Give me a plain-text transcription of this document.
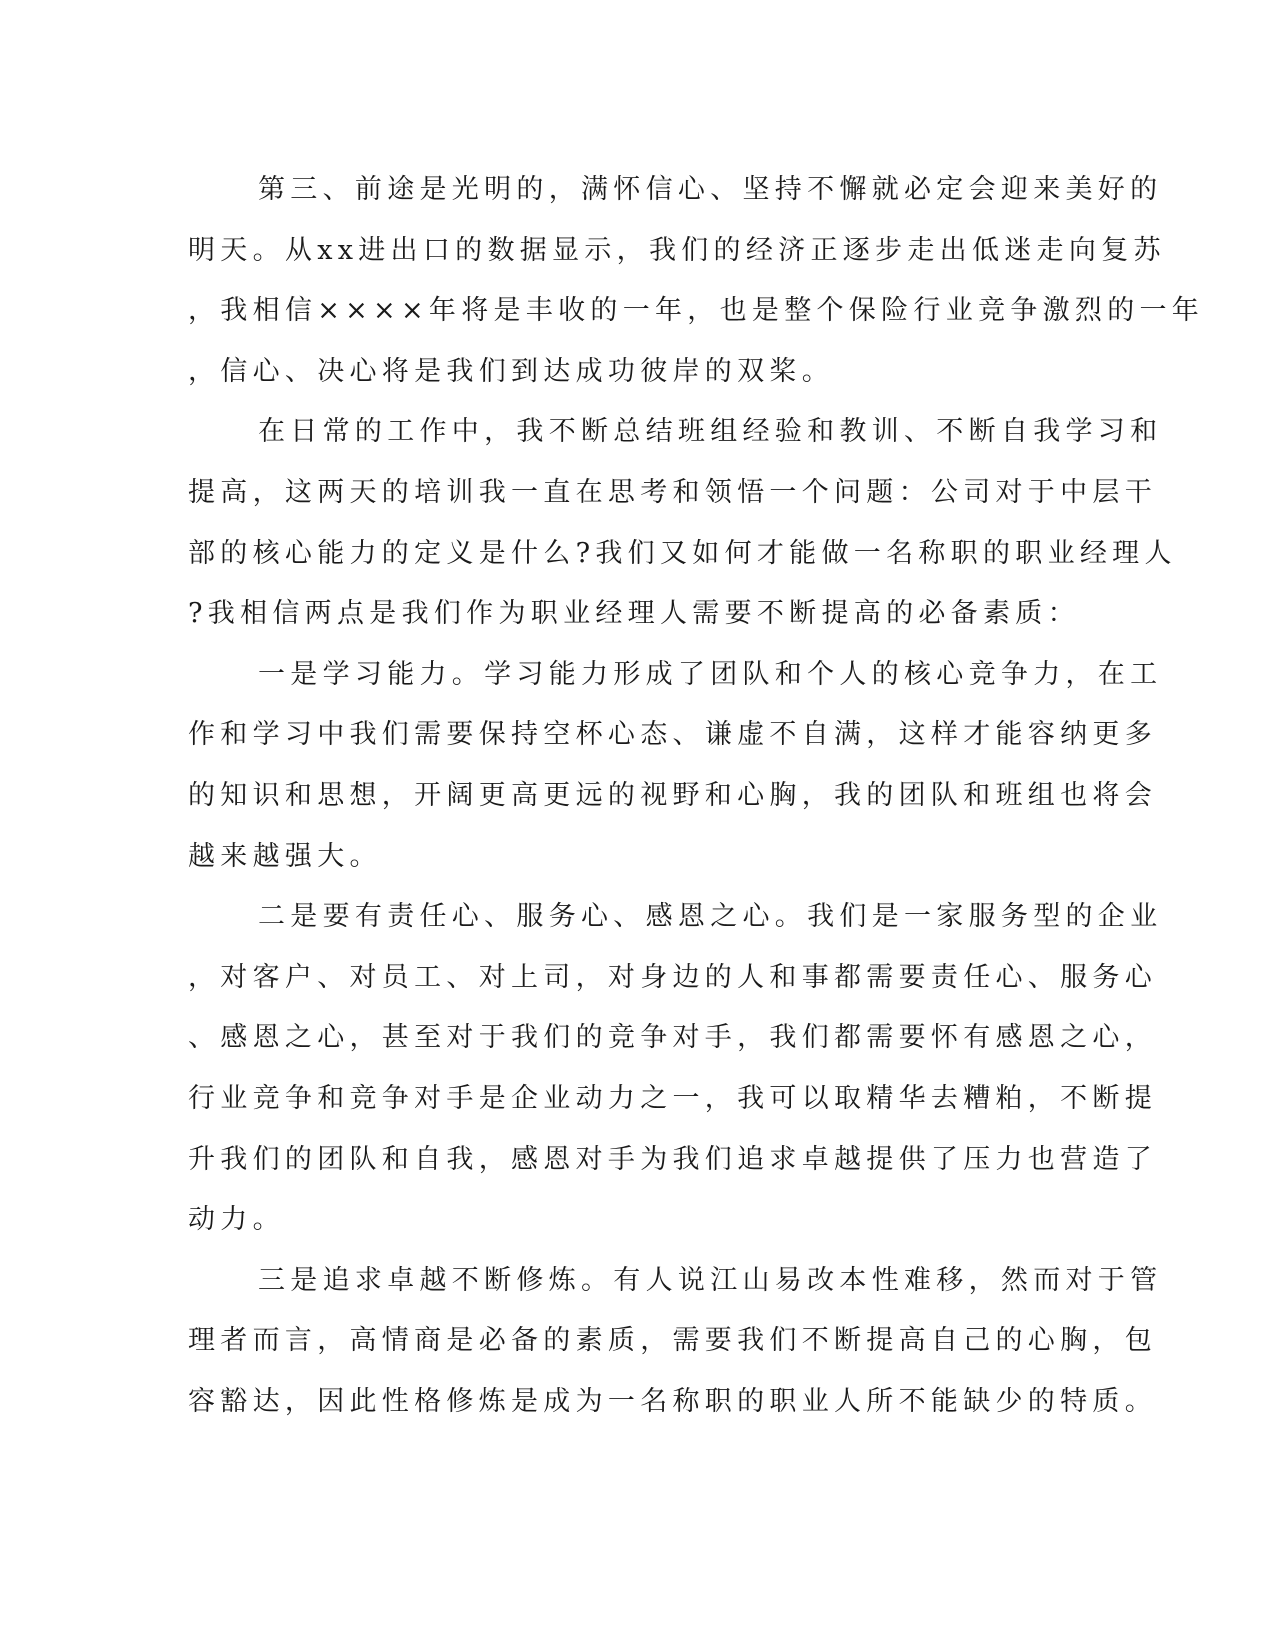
第三、前途是光明的，满怀信心、坚持不懈就必定会迎来美好的
明天。从xx进出口的数据显示，我们的经济正逐步走出低迷走向复苏
，我相信××××年将是丰收的一年，也是整个保险行业竞争激烈的一年
，信心、决心将是我们到达成功彼岸的双桨。
在日常的工作中，我不断总结班组经验和教训、不断自我学习和
提高，这两天的培训我一直在思考和领悟一个问题：公司对于中层干
部的核心能力的定义是什么?我们又如何才能做一名称职的职业经理人
?我相信两点是我们作为职业经理人需要不断提高的必备素质：
一是学习能力。学习能力形成了团队和个人的核心竞争力，在工
作和学习中我们需要保持空杯心态、谦虚不自满，这样才能容纳更多
的知识和思想，开阔更高更远的视野和心胸，我的团队和班组也将会
越来越强大。
二是要有责任心、服务心、感恩之心。我们是一家服务型的企业
，对客户、对员工、对上司，对身边的人和事都需要责任心、服务心
、感恩之心，甚至对于我们的竞争对手，我们都需要怀有感恩之心，
行业竞争和竞争对手是企业动力之一，我可以取精华去糟粕，不断提
升我们的团队和自我，感恩对手为我们追求卓越提供了压力也营造了
动力。
三是追求卓越不断修炼。有人说江山易改本性难移，然而对于管
理者而言，高情商是必备的素质，需要我们不断提高自己的心胸，包
容豁达，因此性格修炼是成为一名称职的职业人所不能缺少的特质。
